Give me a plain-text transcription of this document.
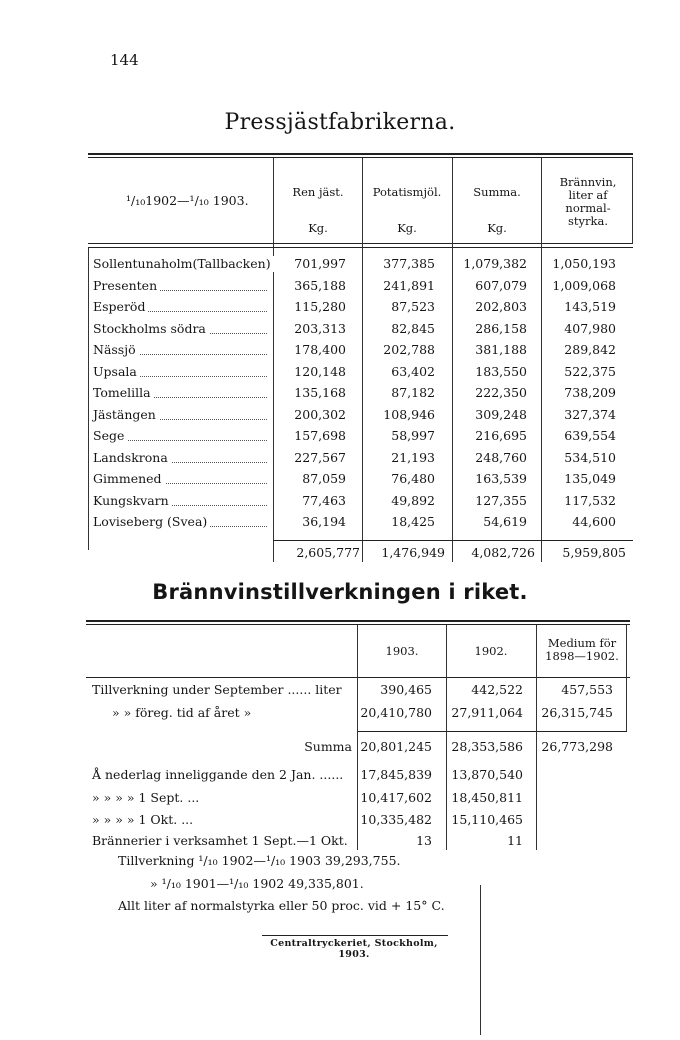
144
Pressjästfabrikerna.
¹/₁₀1902—¹/₁₀ 1903.
Ren jäst.	Potatismjöl.	Summa.
Brännvin,
liter af
normal-
styrka.
Kg.	Kg.	Kg.
Sollentunaholm(Tallbacken)	701,997	377,385	1,079,382	1,050,193
Presenten	365,188	241,891	607,079	1,009,068
Esperöd	115,280	87,523	202,803	143,519
Stockholms södra	203,313	82,845	286,158	407,980
Nässjö	178,400	202,788	381,188	289,842
Upsala	120,148	63,402	183,550	522,375
Tomelilla	135,168	87,182	222,350	738,209
Jästängen	200,302	108,946	309,248	327,374
Sege	157,698	58,997	216,695	639,554
Landskrona	227,567	21,193	248,760	534,510
Gimmened	87,059	76,480	163,539	135,049
Kungskvarn	77,463	49,892	127,355	117,532
Loviseberg (Svea)	36,194	18,425	54,619	44,600
2,605,777	1,476,949	4,082,726	5,959,805
Brännvinstillverkningen i riket.
1903.	1902.
Medium för
1898—1902.
Tillverkning under September ...... liter	390,465	442,522	457,553
» » föreg. tid af året »	20,410,780 27,911,064 26,315,745
Summa 20,801,245 28,353,586 26,773,298
Å nederlag inneliggande den 2 Jan. ...... 17,845,839 13,870,540
» » » » 1 Sept. ...	10,417,602 18,450,811
» » » » 1 Okt. ...	10,335,482 15,110,465
Brännerier i verksamhet 1 Sept.—1 Okt.	13	11
Tillverkning ¹/₁₀ 1902—¹/₁₀ 1903 39,293,755.
» ¹/₁₀ 1901—¹/₁₀ 1902 49,335,801.
Allt liter af normalstyrka eller 50 proc. vid + 15° C.
Centraltryckeriet, Stockholm, 1903.
